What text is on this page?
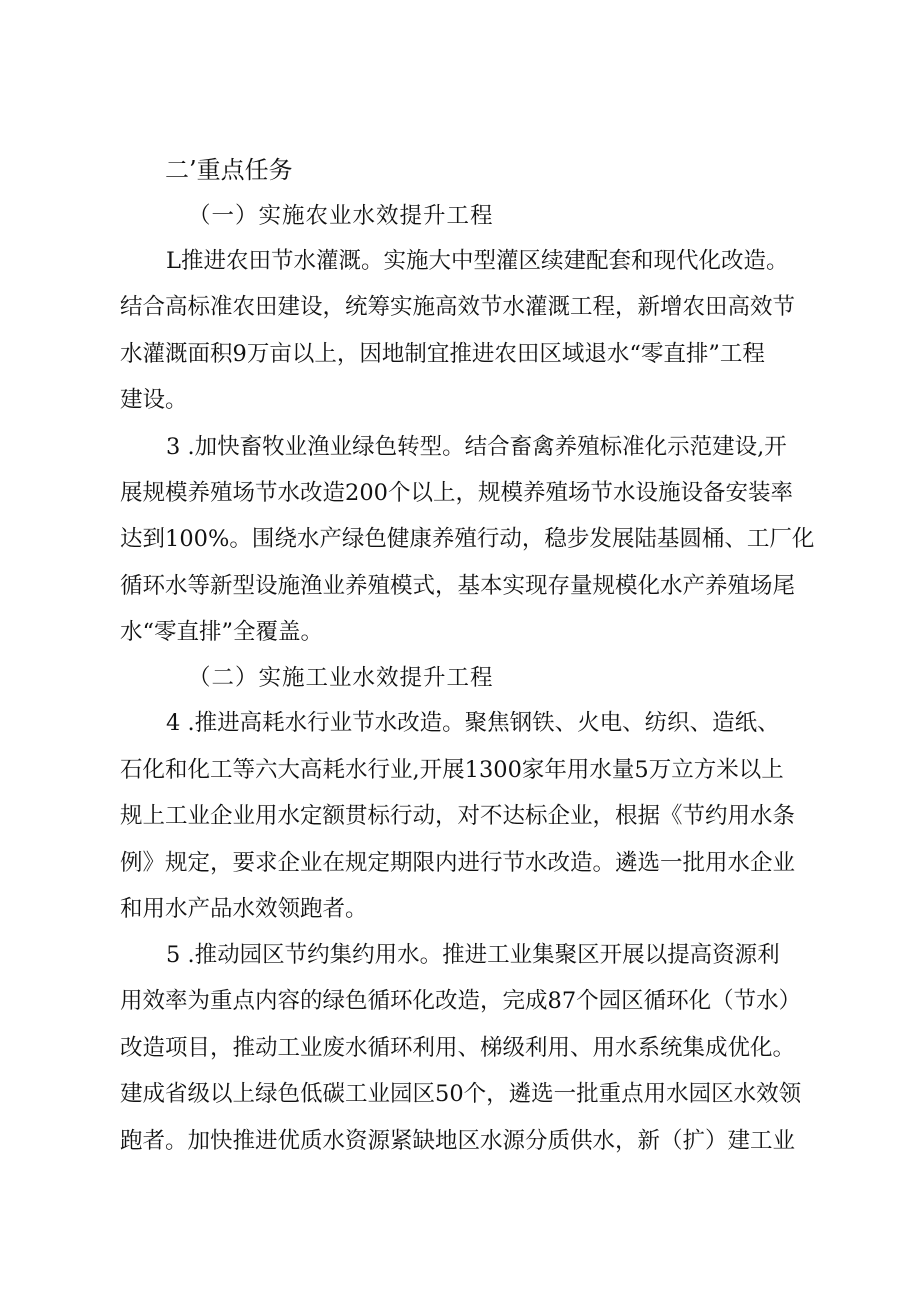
二’重点任务
（一）实施农业水效提升工程
L推进农田节水灌溉。实施大中型灌区续建配套和现代化改造。
结合高标准农田建设，统筹实施高效节水灌溉工程，新增农田高效节
水灌溉面积9万亩以上，因地制宜推进农田区域退水“零直排”工程
建设。
3 .加快畜牧业渔业绿色转型。结合畜禽养殖标准化示范建设,开
展规模养殖场节水改造200个以上，规模养殖场节水设施设备安装率
达到100%。围绕水产绿色健康养殖行动，稳步发展陆基圆桶、工厂化
循环水等新型设施渔业养殖模式，基本实现存量规模化水产养殖场尾
水“零直排”全覆盖。
（二）实施工业水效提升工程
4 .推进高耗水行业节水改造。聚焦钢铁、火电、纺织、造纸、
石化和化工等六大高耗水行业,开展1300家年用水量5万立方米以上
规上工业企业用水定额贯标行动，对不达标企业，根据《节约用水条
例》规定，要求企业在规定期限内进行节水改造。遴选一批用水企业
和用水产品水效领跑者。
5 .推动园区节约集约用水。推进工业集聚区开展以提高资源利
用效率为重点内容的绿色循环化改造，完成87个园区循环化（节水）
改造项目，推动工业废水循环利用、梯级利用、用水系统集成优化。
建成省级以上绿色低碳工业园区50个，遴选一批重点用水园区水效领
跑者。加快推进优质水资源紧缺地区水源分质供水，新（扩）建工业
